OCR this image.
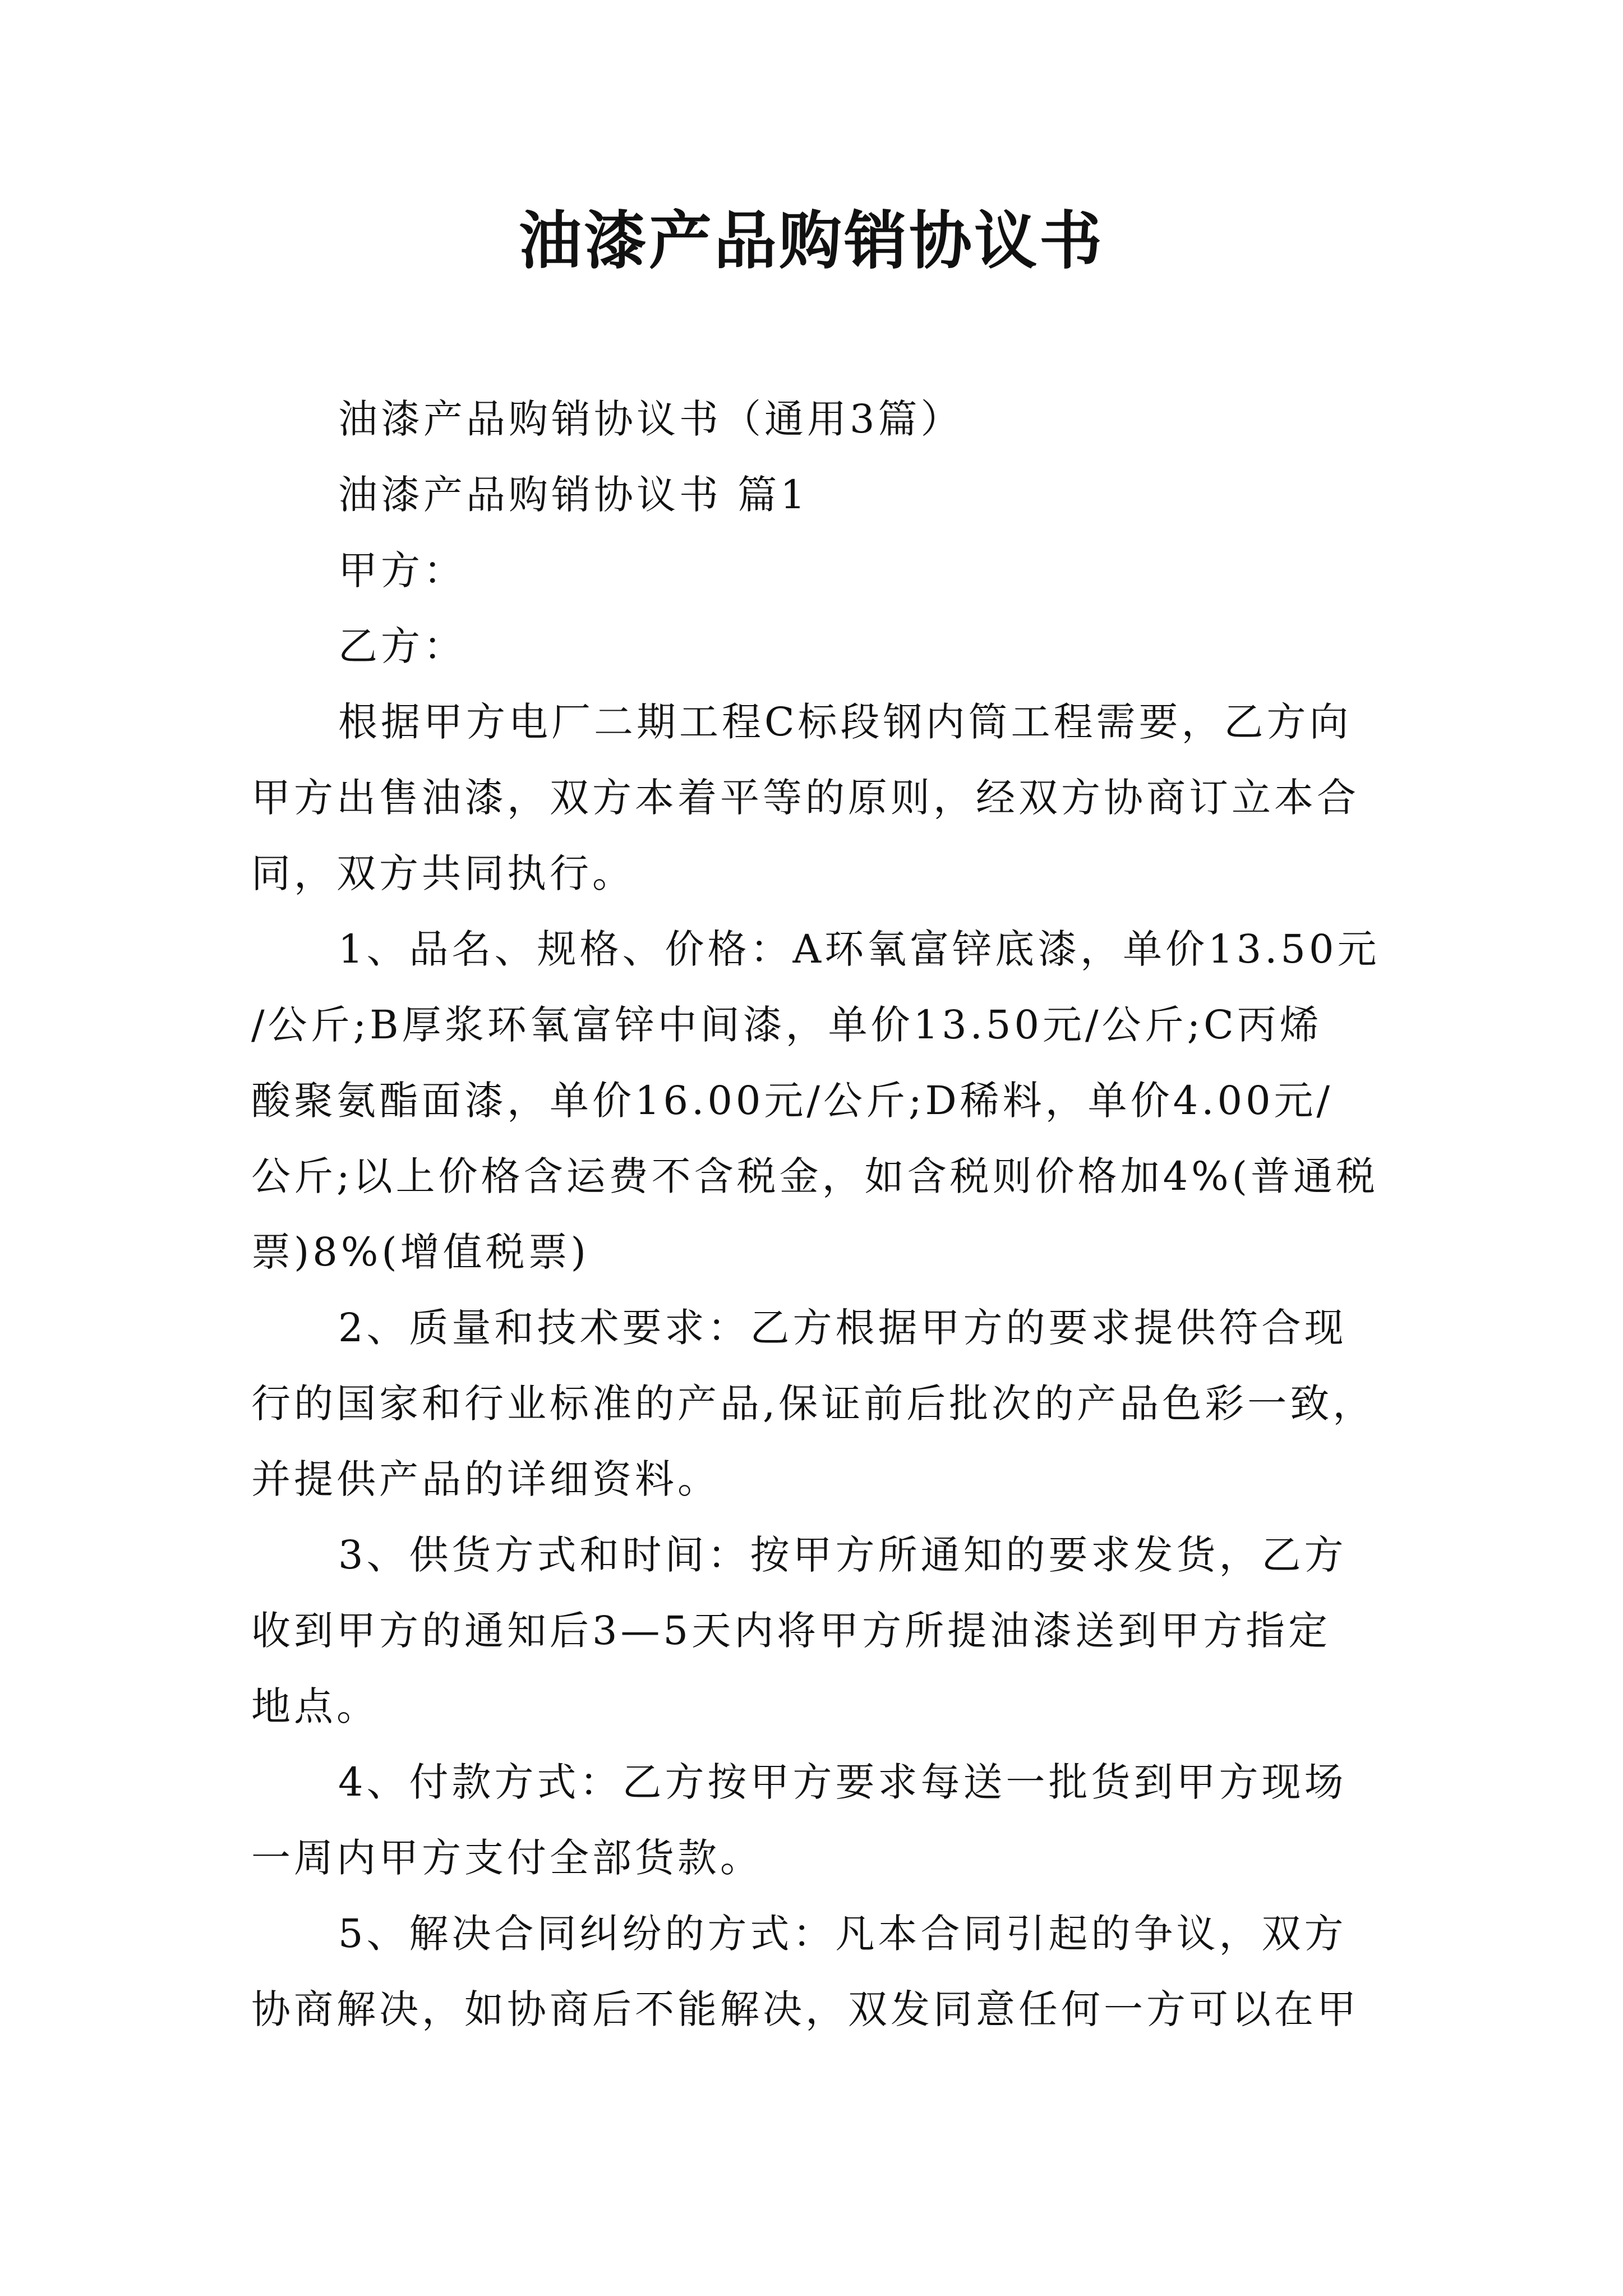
油漆产品购销协议书
油漆产品购销协议书（通用3篇）
油漆产品购销协议书 篇1
甲方：
乙方：
根据甲方电厂二期工程C标段钢内筒工程需要，乙方向
甲方出售油漆，双方本着平等的原则，经双方协商订立本合
同，双方共同执行。
1、品名、规格、价格：A环氧富锌底漆，单价13.50元
/公斤;B厚浆环氧富锌中间漆，单价13.50元/公斤;C丙烯
酸聚氨酯面漆，单价16.00元/公斤;D稀料，单价4.00元/
公斤;以上价格含运费不含税金，如含税则价格加4%(普通税
票)8%(增值税票)
2、质量和技术要求：乙方根据甲方的要求提供符合现
行的国家和行业标准的产品,保证前后批次的产品色彩一致，
并提供产品的详细资料。
3、供货方式和时间：按甲方所通知的要求发货，乙方
收到甲方的通知后3—5天内将甲方所提油漆送到甲方指定
地点。
4、付款方式：乙方按甲方要求每送一批货到甲方现场
一周内甲方支付全部货款。
5、解决合同纠纷的方式：凡本合同引起的争议，双方
协商解决，如协商后不能解决，双发同意任何一方可以在甲
